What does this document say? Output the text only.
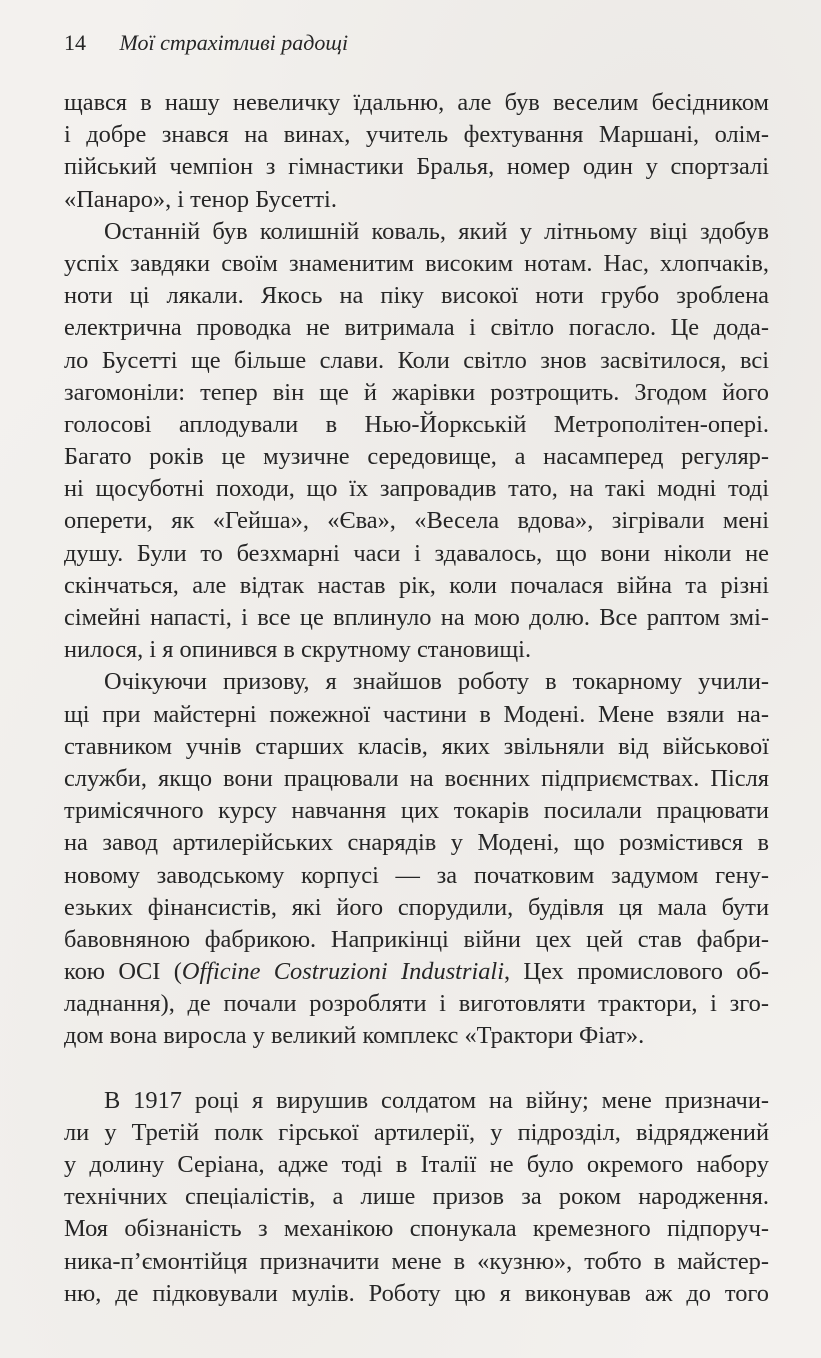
14 Мої страхітливі радощі
щався в нашу невеличку їдальню, але був веселим бесідником
і добре знався на винах, учитель фехтування Маршані, олім-
пійський чемпіон з гімнастики Бралья, номер один у спортзалі
«Панаро», і тенор Бусетті.
Останній був колишній коваль, який у літньому віці здобув
успіх завдяки своїм знаменитим високим нотам. Нас, хлопчаків,
ноти ці лякали. Якось на піку високої ноти грубо зроблена
електрична проводка не витримала і світло погасло. Це дода-
ло Бусетті ще більше слави. Коли світло знов засвітилося, всі
загомоніли: тепер він ще й жарівки розтрощить. Згодом його
голосові аплодували в Нью-Йоркській Метрополітен-опері.
Багато років це музичне середовище, а насамперед регуляр-
ні щосуботні походи, що їх запровадив тато, на такі модні тоді
оперети, як «Гейша», «Єва», «Весела вдова», зігрівали мені
душу. Були то безхмарні часи і здавалось, що вони ніколи не
скінчаться, але відтак настав рік, коли почалася війна та різні
сімейні напасті, і все це вплинуло на мою долю. Все раптом змі-
нилося, і я опинився в скрутному становищі.
Очікуючи призову, я знайшов роботу в токарному учили-
щі при майстерні пожежної частини в Модені. Мене взяли на-
ставником учнів старших класів, яких звільняли від військової
служби, якщо вони працювали на воєнних підприємствах. Після
тримісячного курсу навчання цих токарів посилали працювати
на завод артилерійських снарядів у Модені, що розмістився в
новому заводському корпусі — за початковим задумом гену-
езьких фінансистів, які його спорудили, будівля ця мала бути
бавовняною фабрикою. Наприкінці війни цех цей став фабри-
кою OCI (Officine Costruzioni Industriali, Цех промислового об-
ладнання), де почали розробляти і виготовляти трактори, і зго-
дом вона виросла у великий комплекс «Трактори Фіат».
В 1917 році я вирушив солдатом на війну; мене призначи-
ли у Третій полк гірської артилерії, у підрозділ, відряджений
у долину Серіана, адже тоді в Італії не було окремого набору
технічних спеціалістів, а лише призов за роком народження.
Моя обізнаність з механікою спонукала кремезного підпоруч-
ника-п’ємонтійця призначити мене в «кузню», тобто в майстер-
ню, де підковували мулів. Роботу цю я виконував аж до того
